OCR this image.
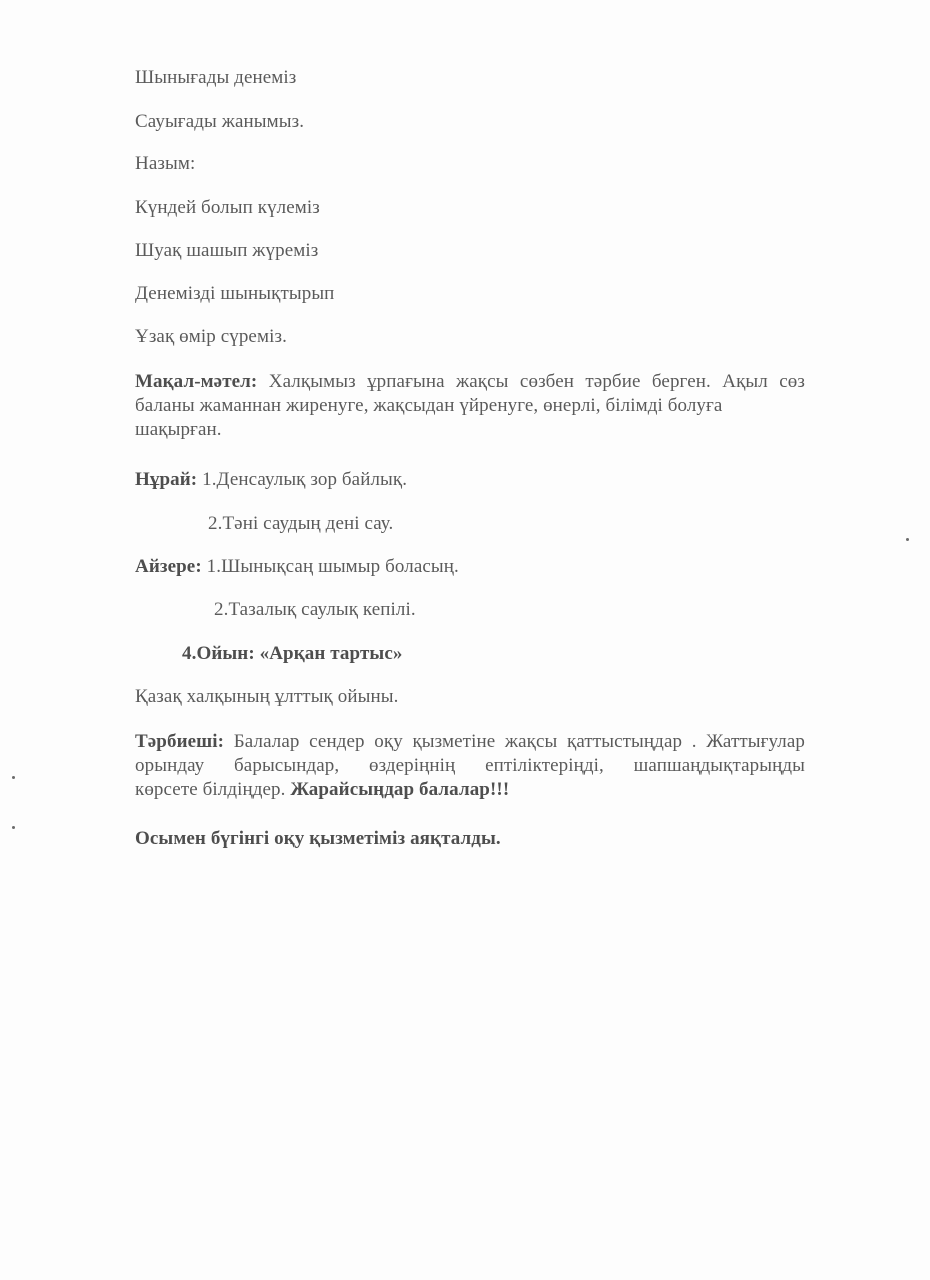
Шынығады денеміз
Сауығады жанымыз.
Назым:
Күндей болып күлеміз
Шуақ шашып жүреміз
Денемізді шынықтырып
Ұзақ өмір сүреміз.
Мақал-мәтел: Халқымыз ұрпағына жақсы сөзбен тәрбие берген. Ақыл сөз
баланы жаманнан жиренуге, жақсыдан үйренуге, өнерлі, білімді болуға
шақырған.
Нұрай: 1.Денсаулық зор байлық.
2.Тәні саудың дені сау.
Айзере: 1.Шынықсаң шымыр боласың.
2.Тазалық саулық кепілі.
4.Ойын: «Арқан тартыс»
Қазақ халқының ұлттық ойыны.
Тәрбиеші: Балалар сендер оқу қызметіне жақсы қаттыстыңдар . Жаттығулар
орындау барысындар, өздеріңнің ептіліктеріңді, шапшаңдықтарыңды
көрсете білдіңдер. Жарайсыңдар балалар!!!
Осымен бүгінгі оқу қызметіміз аяқталды.
